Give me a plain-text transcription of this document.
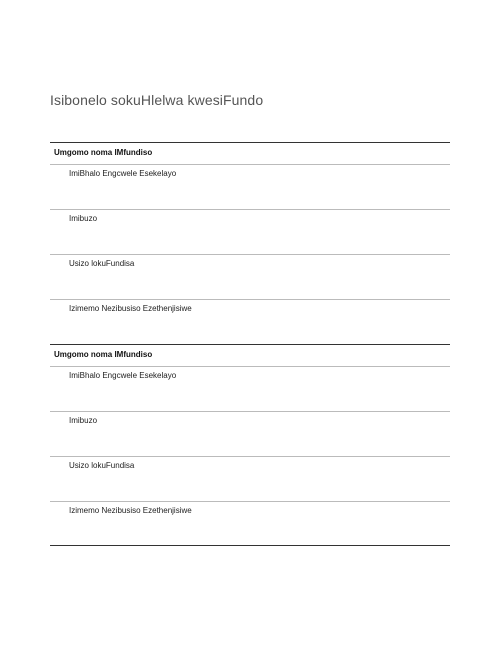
Isibonelo sokuHlelwa kwesiFundo
Umgomo noma IMfundiso
ImiBhalo Engcwele Esekelayo
Imibuzo
Usizo lokuFundisa
Izimemo Nezibusiso Ezethenjisiwe
Umgomo noma IMfundiso
ImiBhalo Engcwele Esekelayo
Imibuzo
Usizo lokuFundisa
Izimemo Nezibusiso Ezethenjisiwe
